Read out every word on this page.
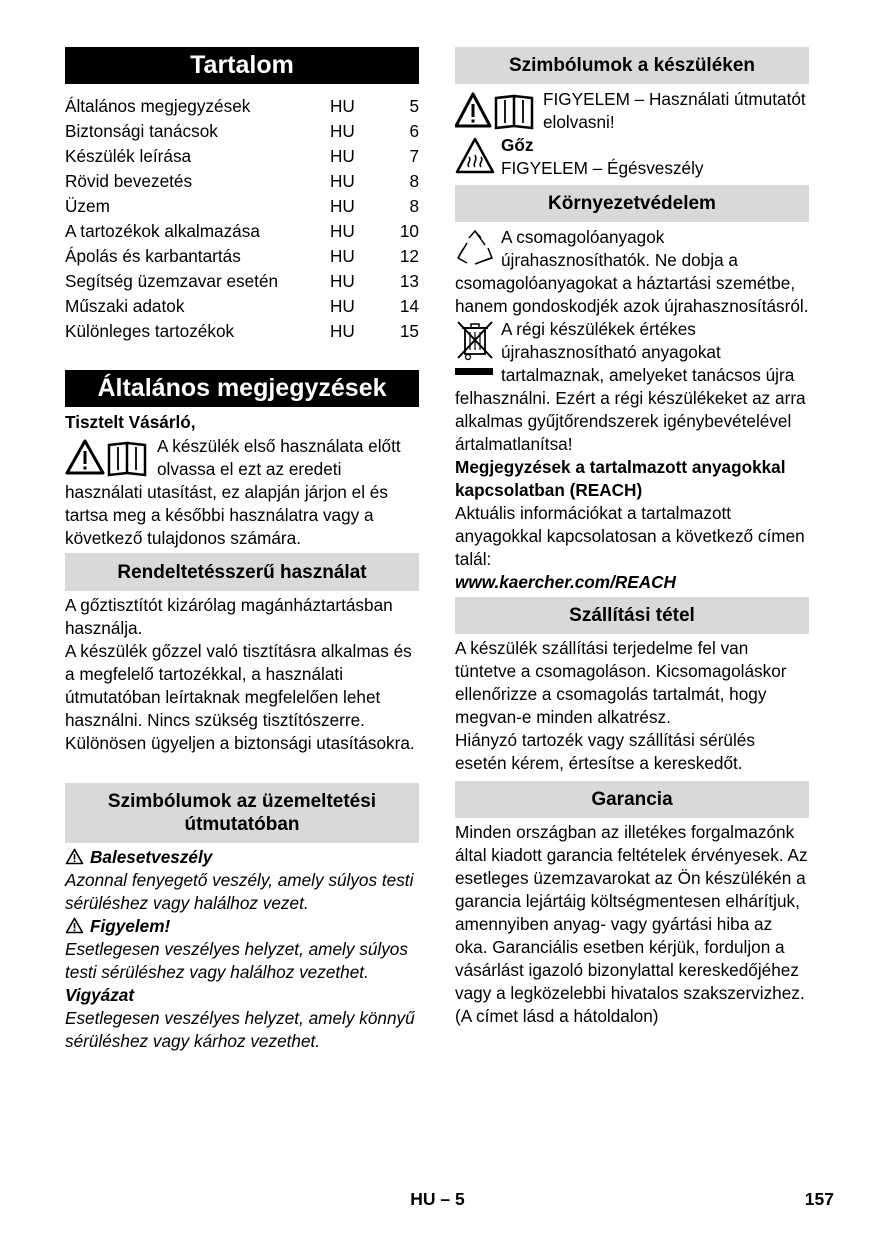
Tartalom
Általános megjegyzések	HU	5
Biztonsági tanácsok	HU	6
Készülék leírása	HU	7
Rövid bevezetés	HU	8
Üzem	HU	8
A tartozékok alkalmazása	HU	10
Ápolás és karbantartás	HU	12
Segítség üzemzavar esetén	HU	13
Műszaki adatok	HU	14
Különleges tartozékok	HU	15
Általános megjegyzések

Tisztelt Vásárló,

A készülék első használata előtt olvassa el ezt az eredeti használati utasítást, ez alapján járjon el és tartsa meg a későbbi használatra vagy a következő tulajdonos számára.

Rendeltetésszerű használat
A gőztisztítót kizárólag magánháztartásban használja.
A készülék gőzzel való tisztításra alkalmas és a megfelelő tartozékkal, a használati útmutatóban leírtaknak megfelelően lehet használni. Nincs szükség tisztítószerre.
Különösen ügyeljen a biztonsági utasításokra.
Szimbólumok az üzemeltetési
útmutatóban

Balesetveszély

Azonnal fenyegető veszély, amely súlyos testi sérüléshez vagy halálhoz vezet.

Figyelem!

Esetlegesen veszélyes helyzet, amely súlyos testi sérüléshez vagy halálhoz vezethet.

Vigyázat

Esetlegesen veszélyes helyzet, amely könnyű sérüléshez vagy kárhoz vezethet.

Szimbólumok a készüléken

FIGYELEM – Használati útmutatót elolvasni!

Gőz

FIGYELEM – Égésveszély

Környezetvédelem

A csomagolóanyagok újrahasznosíthatók. Ne dobja a csomagolóanyagokat a háztartási szemétbe, hanem gondoskodjék azok újrahasznosításról.

A régi készülékek értékes újrahasznosítható anyagokat tartalmaznak, amelyeket tanácsos újra felhasználni. Ezért a régi készülékeket az arra alkalmas gyűjtőrendszerek igénybevételével ártalmatlanítsa!

Megjegyzések a tartalmazott anyagokkal kapcsolatban (REACH)

Aktuális információkat a tartalmazott anyagokkal kapcsolatosan a következő címen talál:

www.kaercher.com/REACH

Szállítási tétel
A készülék szállítási terjedelme fel van tüntetve a csomagoláson. Kicsomagoláskor ellenőrizze a csomagolás tartalmát, hogy megvan-e minden alkatrész.
Hiányzó tartozék vagy szállítási sérülés esetén kérem, értesítse a kereskedőt.
Garancia
Minden országban az illetékes forgalmazónk által kiadott garancia feltételek érvényesek. Az esetleges üzemzavarokat az Ön készülékén a garancia lejártáig költségmentesen elhárítjuk, amennyiben anyag- vagy gyártási hiba az oka. Garanciális esetben kérjük, forduljon a vásárlást igazoló bizonylattal kereskedőjéhez vagy a legközelebbi hivatalos szakszervizhez.
(A címet lásd a hátoldalon)
HU – 5	157
